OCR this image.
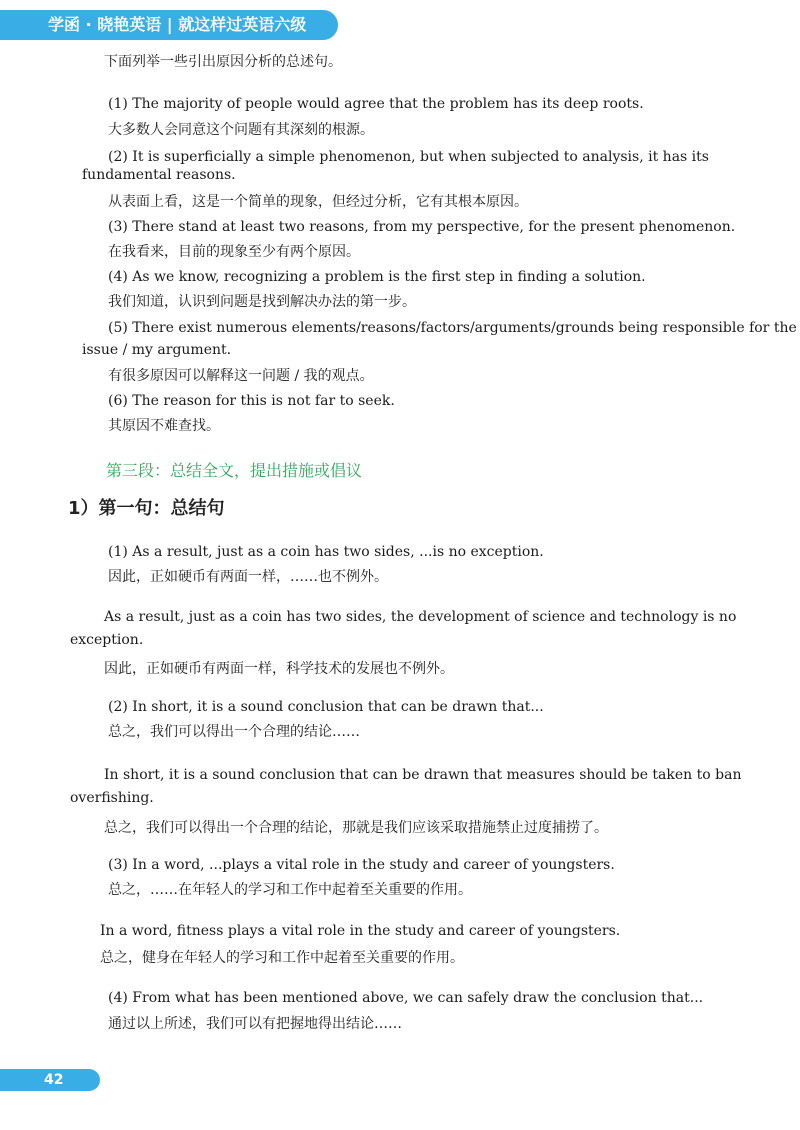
学函 · 晓艳英语 | 就这样过英语六级
下面列举一些引出原因分析的总述句。
(1) The majority of people would agree that the problem has its deep roots.
大多数人会同意这个问题有其深刻的根源。
(2) It is superficially a simple phenomenon, but when subjected to analysis, it has its
fundamental reasons.
从表面上看，这是一个简单的现象，但经过分析，它有其根本原因。
(3) There stand at least two reasons, from my perspective, for the present phenomenon.
在我看来，目前的现象至少有两个原因。
(4) As we know, recognizing a problem is the first step in finding a solution.
我们知道，认识到问题是找到解决办法的第一步。
(5) There exist numerous elements/reasons/factors/arguments/grounds being responsible for the
issue / my argument.
有很多原因可以解释这一问题 / 我的观点。
(6) The reason for this is not far to seek.
其原因不难查找。
第三段：总结全文，提出措施或倡议
1）第一句：总结句
(1) As a result, just as a coin has two sides, ...is no exception.
因此，正如硬币有两面一样，……也不例外。
As a result, just as a coin has two sides, the development of science and technology is no
exception.
因此，正如硬币有两面一样，科学技术的发展也不例外。
(2) In short, it is a sound conclusion that can be drawn that...
总之，我们可以得出一个合理的结论……
In short, it is a sound conclusion that can be drawn that measures should be taken to ban
overfishing.
总之，我们可以得出一个合理的结论，那就是我们应该采取措施禁止过度捕捞了。
(3) In a word, ...plays a vital role in the study and career of youngsters.
总之，……在年轻人的学习和工作中起着至关重要的作用。
In a word, fitness plays a vital role in the study and career of youngsters.
总之，健身在年轻人的学习和工作中起着至关重要的作用。
(4) From what has been mentioned above, we can safely draw the conclusion that...
通过以上所述，我们可以有把握地得出结论……
42
